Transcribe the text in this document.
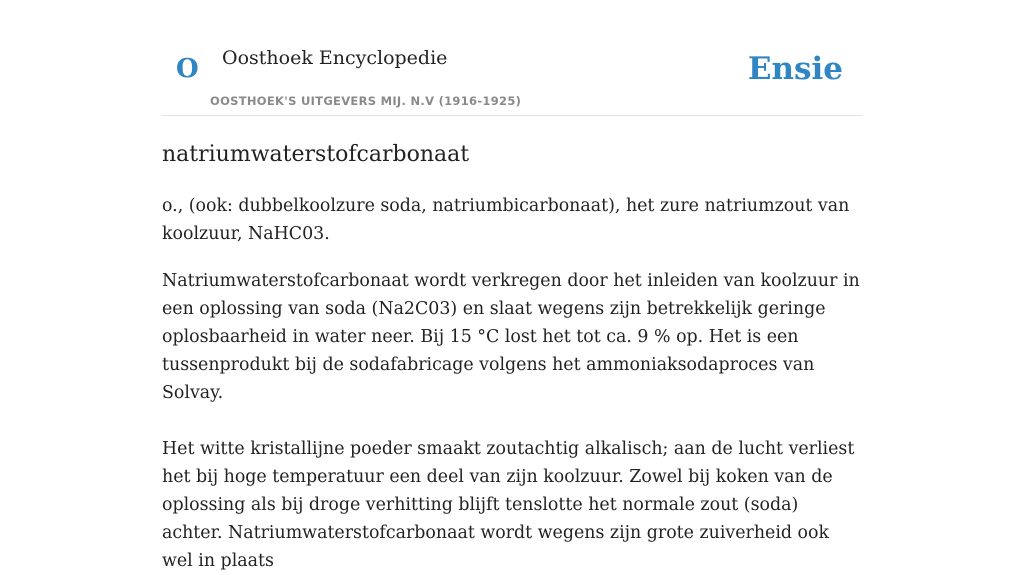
O Oosthoek Encyclopedie
OOSTHOEK'S UITGEVERS MIJ. N.V (1916-1925)
Ensie
natriumwaterstofcarbonaat

o., (ook: dubbelkoolzure soda, natriumbicarbonaat), het zure natriumzout van koolzuur, NaHC03.

Natriumwaterstofcarbonaat wordt verkregen door het inleiden van koolzuur in een oplossing van soda (Na2C03) en slaat wegens zijn betrekkelijk geringe oplosbaarheid in water neer. Bij 15 °C lost het tot ca. 9 % op. Het is een tussenprodukt bij de sodafabricage volgens het ammoniaksodaproces van Solvay.

Het witte kristallijne poeder smaakt zoutachtig alkalisch; aan de lucht verliest het bij hoge temperatuur een deel van zijn koolzuur. Zowel bij koken van de oplossing als bij droge verhitting blijft tenslotte het normale zout (soda) achter. Natriumwaterstofcarbonaat wordt wegens zijn grote zuiverheid ook wel in plaats
